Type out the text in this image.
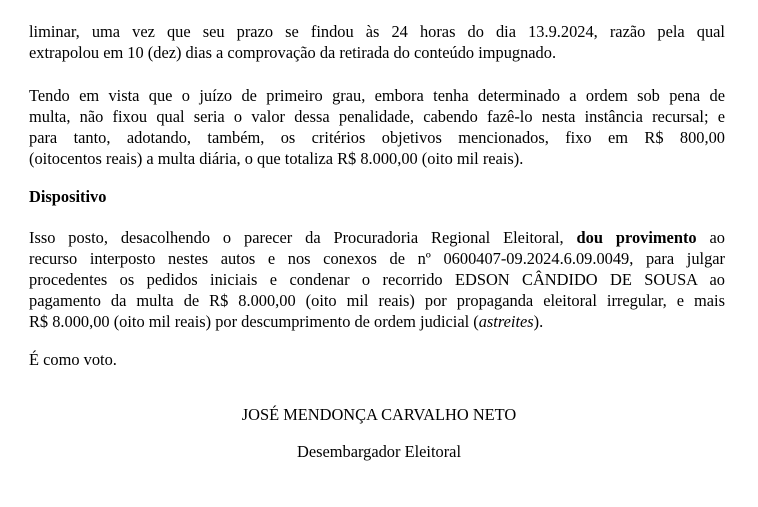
liminar, uma vez que seu prazo se findou às 24 horas do dia 13.9.2024, razão pela qual
extrapolou em 10 (dez) dias a comprovação da retirada do conteúdo impugnado.

Tendo em vista que o juízo de primeiro grau, embora tenha determinado a ordem sob pena de
multa, não fixou qual seria o valor dessa penalidade, cabendo fazê-lo nesta instância recursal; e
para tanto, adotando, também, os critérios objetivos mencionados, fixo em R$ 800,00
(oitocentos reais) a multa diária, o que totaliza R$ 8.000,00 (oito mil reais).

Dispositivo

Isso posto, desacolhendo o parecer da Procuradoria Regional Eleitoral, dou provimento ao
recurso interposto nestes autos e nos conexos de nº 0600407-09.2024.6.09.0049, para julgar
procedentes os pedidos iniciais e condenar o recorrido EDSON CÂNDIDO DE SOUSA ao
pagamento da multa de R$ 8.000,00 (oito mil reais) por propaganda eleitoral irregular, e mais
R$ 8.000,00 (oito mil reais) por descumprimento de ordem judicial (astreites).

É como voto.

JOSÉ MENDONÇA CARVALHO NETO

Desembargador Eleitoral
